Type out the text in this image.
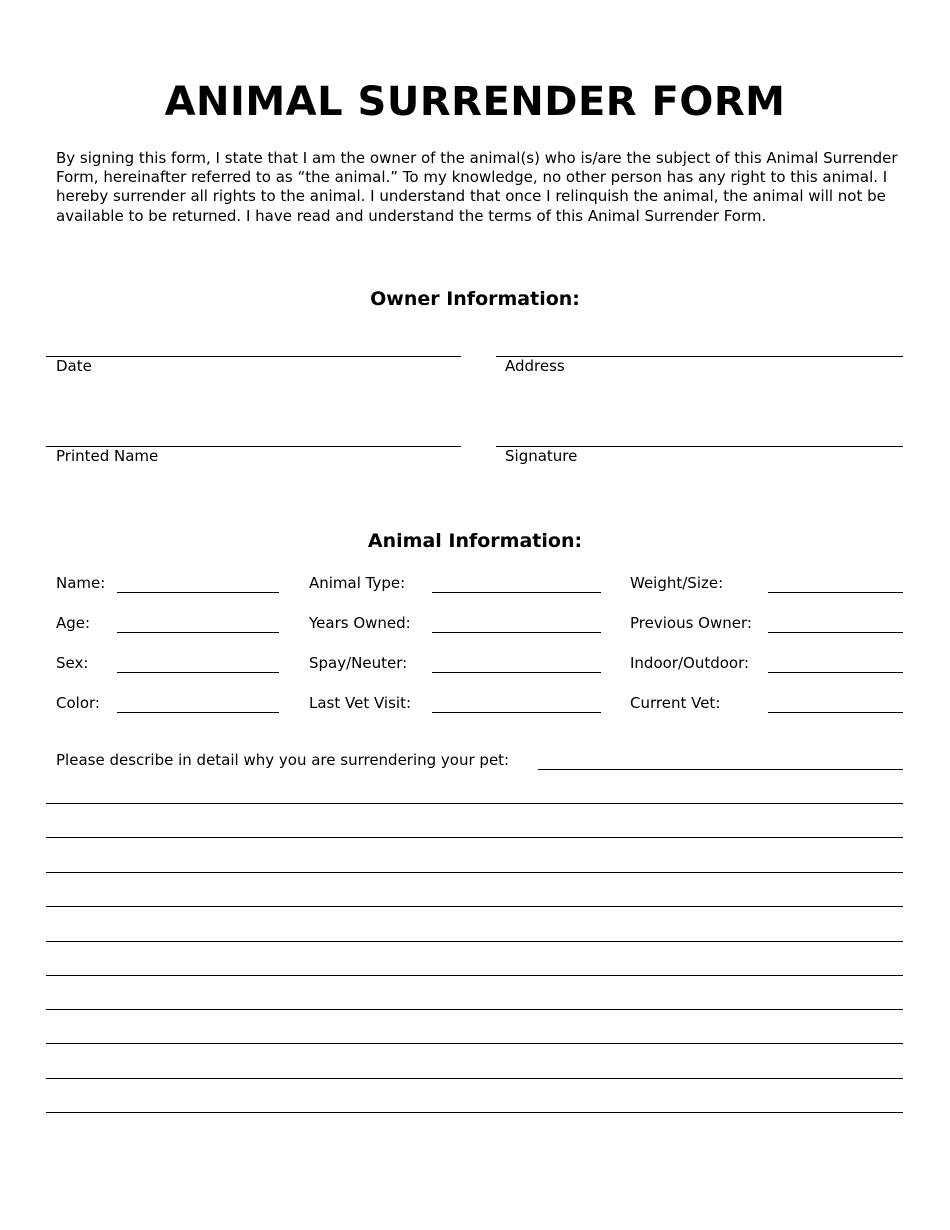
ANIMAL SURRENDER FORM
By signing this form, I state that I am the owner of the animal(s) who is/are the subject of this Animal Surrender Form, hereinafter referred to as “the animal.” To my knowledge, no other person has any right to this animal. I hereby surrender all rights to the animal. I understand that once I relinquish the animal, the animal will not be available to be returned. I have read and understand the terms of this Animal Surrender Form.
Owner Information:
Date	Address
Printed Name	Signature
Animal Information:
Name:	Animal Type:	Weight/Size:
Age:	Years Owned:	Previous Owner:
Sex:	Spay/Neuter:	Indoor/Outdoor:
Color:	Last Vet Visit:	Current Vet:
Please describe in detail why you are surrendering your pet:
